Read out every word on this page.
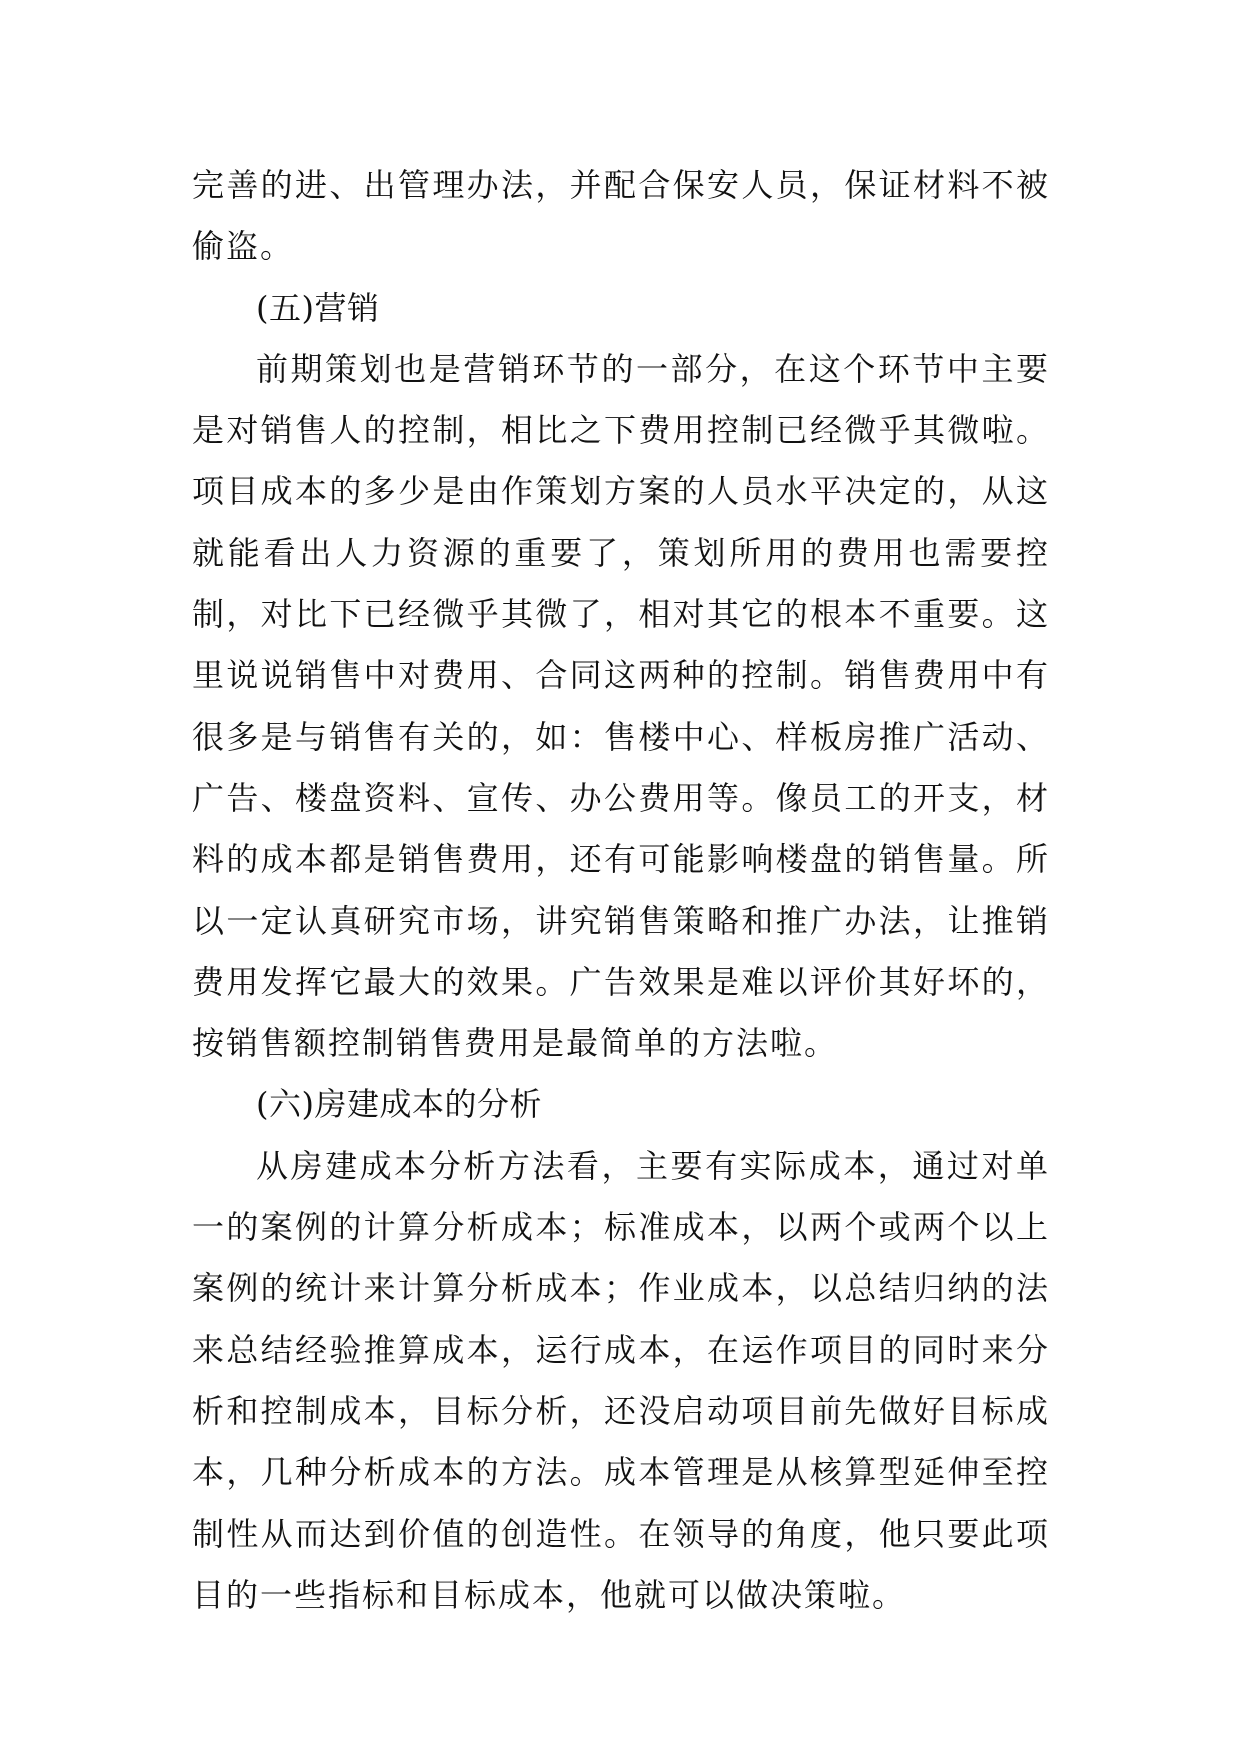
完善的进、出管理办法，并配合保安人员，保证材料不被偷盗。

(五)营销

前期策划也是营销环节的一部分，在这个环节中主要是对销售人的控制，相比之下费用控制已经微乎其微啦。项目成本的多少是由作策划方案的人员水平决定的，从这就能看出人力资源的重要了，策划所用的费用也需要控制，对比下已经微乎其微了，相对其它的根本不重要。这里说说销售中对费用、合同这两种的控制。销售费用中有很多是与销售有关的，如：售楼中心、样板房推广活动、广告、楼盘资料、宣传、办公费用等。像员工的开支，材料的成本都是销售费用，还有可能影响楼盘的销售量。所以一定认真研究市场，讲究销售策略和推广办法，让推销费用发挥它最大的效果。广告效果是难以评价其好坏的，按销售额控制销售费用是最简单的方法啦。

(六)房建成本的分析

从房建成本分析方法看，主要有实际成本，通过对单一的案例的计算分析成本；标准成本，以两个或两个以上案例的统计来计算分析成本；作业成本，以总结归纳的法来总结经验推算成本，运行成本，在运作项目的同时来分析和控制成本，目标分析，还没启动项目前先做好目标成本，几种分析成本的方法。成本管理是从核算型延伸至控制性从而达到价值的创造性。在领导的角度，他只要此项目的一些指标和目标成本，他就可以做决策啦。
